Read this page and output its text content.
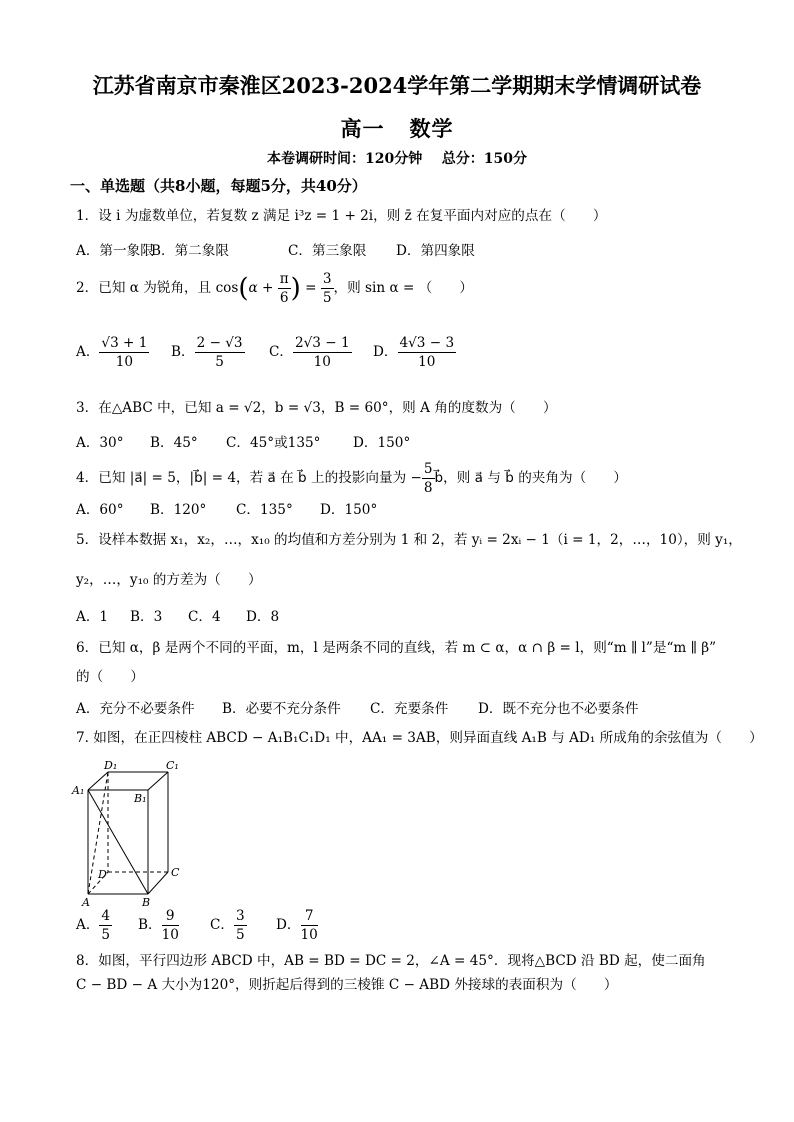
江苏省南京市秦淮区2023-2024学年第二学期期末学情调研试卷
高一   数学
本卷调研时间：120分钟    总分：150分
一、单选题（共8小题，每题5分，共40分）
1．设 i 为虚数单位，若复数 z 满足 i³z = 1 + 2i，则 z̄ 在复平面内对应的点在（　　）
A．第一象限
B．第二象限	C．第三象限 D．第四象限
2．已知 α 为锐角，且 $\cos(\alpha + \frac{\pi}{6}$ ) = $\frac{3}{5}$ ，则 sin α = （　　）
A． $\frac{√3 + 1}{10}$ B． $\frac{2 - √3}{5}$ C． $\frac{2√3 - 1}{10}$ D． $\frac{4√3 - 3}{10}$
3．在△ABC 中，已知 a = √2，b = √3，B = 60°，则 A 角的度数为（　　）
A．30° B．45° C．45°或135° D．150°
4．已知 |a⃗| = 5，|b⃗| = 4，若 a⃗ 在 b⃗ 上的投影向量为 − $\frac{5}{8}$ b⃗，则 a⃗ 与 b⃗ 的夹角为（　　）
A．60° B．120° C．135° D．150°
5．设样本数据 x₁，x₂，…，x₁₀ 的均值和方差分别为 1 和 2，若 yᵢ = 2xᵢ − 1（i = 1，2，…，10），则 y₁，
y₂，…，y₁₀ 的方差为（　　）
A．1 B．3 C．4 D．8
6．已知 α，β 是两个不同的平面，m，l 是两条不同的直线，若 m ⊂ α，α ∩ β = l，则“m ∥ l”是“m ∥ β”
的（　　）
A．充分不必要条件 B．必要不充分条件 C．充要条件 D．既不充分也不必要条件
7. 如图，在正四棱柱 ABCD − A₁B₁C₁D₁ 中，AA₁ = 3AB，则异面直线 A₁B 与 AD₁ 所成角的余弦值为（　　）
D₁	C₁
A₁
B₁
D	C
A	B
A． $\frac{4}{5}$ B． $\frac{9}{10}$ C． $\frac{3}{5}$ D． $\frac{7}{10}$
8．如图，平行四边形 ABCD 中，AB = BD = DC = 2，∠A = 45°．现将△BCD 沿 BD 起，使二面角
C − BD − A 大小为120°，则折起后得到的三棱锥 C − ABD 外接球的表面积为（　　）
